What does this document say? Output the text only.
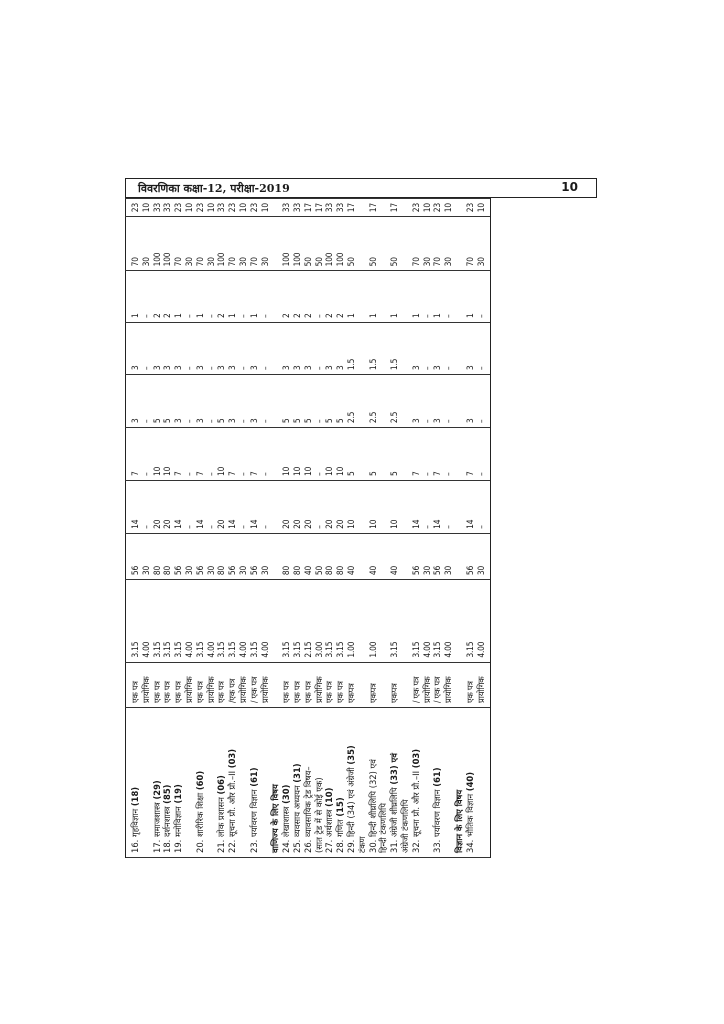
विवरणिका कक्षा-12, परीक्षा-2019	10
16. गृहविज्ञान (18)	एक पत्र	3.15	56	14	7	3	3	1	70	23
	प्रायोगिक	4.00	30	–	–	–	–	–	30	10
17. समाजशास्त्र (29)	एक पत्र	3.15	80	20	10	5	3	2	100	33
18. दर्शनशास्त्र (85)	एक पत्र	3.15	80	20	10	5	3	2	100	33
19. मनोविज्ञान (19)	एक पत्र	3.15	56	14	7	3	3	1	70	23
	प्रायोगिक	4.00	30	–	–	–	–	–	30	10
20. शारीरिक शिक्षा (60)	एक पत्र	3.15	56	14	7	3	3	1	70	23
	प्रायोगिक	4.00	30	–	–	–	–	–	30	10
21. लोक प्रशासन (06)	एक पत्र	3.15	80	20	10	5	3	2	100	33
22. सूचना प्रौ. और प्रौ.–II (03)	/एक पत्र	3.15	56	14	7	3	3	1	70	23
	प्रायोगिक	4.00	30	–	–	–	–	–	30	10
23. पर्यावरण विज्ञान (61)	/ एक पत्र	3.15	56	14	7	3	3	1	70	23
	प्रायोगिक	4.00	30	–	–	–	–	–	30	10
वाणिज्य के लिए विषय										
24. लेखाशास्त्र (30)	एक पत्र	3.15	80	20	10	5	3	2	100	33
25. व्यवसाय अध्ययन (31)	एक पत्र	3.15	80	20	10	5	3	2	100	33
26. व्यावसायिक ट्रेड विषय–	एक पत्र	2.15	40	20	10	5	3	2	50	17
(सात ट्रेड में से कोई एक)	प्रायोगिक	3.00	50	–	–	–	–	–	50	17
27. अर्थशास्त्र (10)	एक पत्र	3.15	80	20	10	5	3	2	100	33
28. गणित (15)	एक पत्र	3.15	80	20	10	5	3	2	100	33
29. हिन्दी (34) एवं अंग्रेजी (35)	एकपत्र	1.00	40	10	5	2.5	1.5	1	50	17
टंकण										
30. हिन्दी शीघ्रलिपि (32) एवं	एकपत्र	1.00	40	10	5	2.5	1.5	1	50	17
हिन्दी टंकणलिपि										
31. अंग्रेजी शीघ्रलिपि (33) एवं	एकपत्र	3.15	40	10	5	2.5	1.5	1	50	17
अंग्रेजी टंकणलिपि										
32. सूचना प्रौ. और प्रौ.–II (03)	/ एक पत्र	3.15	56	14	7	3	3	1	70	23
	प्रायोगिक	4.00	30	–	–	–	–	–	30	10

33. पर्यावरण विज्ञान (61)	/ एक पत्र	3.15	56	14	7	3	3	1	70	23
	प्रायोगिक	4.00	30	–	–	–	–	–	30	10
विज्ञान के लिए विषय										
34. भौतिक विज्ञान (40)	एक पत्र	3.15	56	14	7	3	3	1	70	23
	प्रायोगिक	4.00	30	–	–	–	–	–	30	10
